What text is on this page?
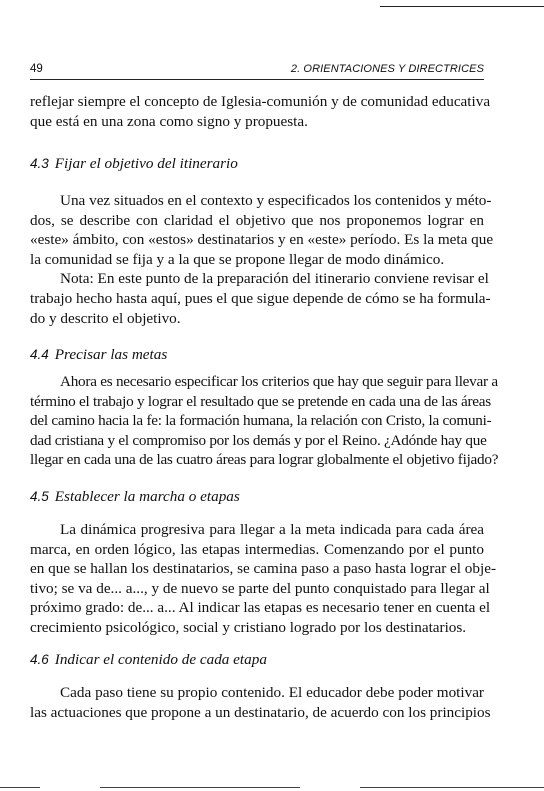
49	2. ORIENTACIONES Y DIRECTRICES

reflejar siempre el concepto de Iglesia-comunión y de comunidad educativa
que está en una zona como signo y propuesta.

4.3 Fijar el objetivo del itinerario

Una vez situados en el contexto y especificados los contenidos y méto-
dos, se describe con claridad el objetivo que nos proponemos lograr en
«este» ámbito, con «estos» destinatarios y en «este» período. Es la meta que
la comunidad se fija y a la que se propone llegar de modo dinámico.
Nota: En este punto de la preparación del itinerario conviene revisar el
trabajo hecho hasta aquí, pues el que sigue depende de cómo se ha formula-
do y descrito el objetivo.

4.4 Precisar las metas

Ahora es necesario especificar los criterios que hay que seguir para llevar a
término el trabajo y lograr el resultado que se pretende en cada una de las áreas
del camino hacia la fe: la formación humana, la relación con Cristo, la comuni-
dad cristiana y el compromiso por los demás y por el Reino. ¿Adónde hay que
llegar en cada una de las cuatro áreas para lograr globalmente el objetivo fijado?

4.5 Establecer la marcha o etapas

La dinámica progresiva para llegar a la meta indicada para cada área
marca, en orden lógico, las etapas intermedias. Comenzando por el punto
en que se hallan los destinatarios, se camina paso a paso hasta lograr el obje-
tivo; se va de... a..., y de nuevo se parte del punto conquistado para llegar al
próximo grado: de... a... Al indicar las etapas es necesario tener en cuenta el
crecimiento psicológico, social y cristiano logrado por los destinatarios.

4.6 Indicar el contenido de cada etapa

Cada paso tiene su propio contenido. El educador debe poder motivar
las actuaciones que propone a un destinatario, de acuerdo con los principios
